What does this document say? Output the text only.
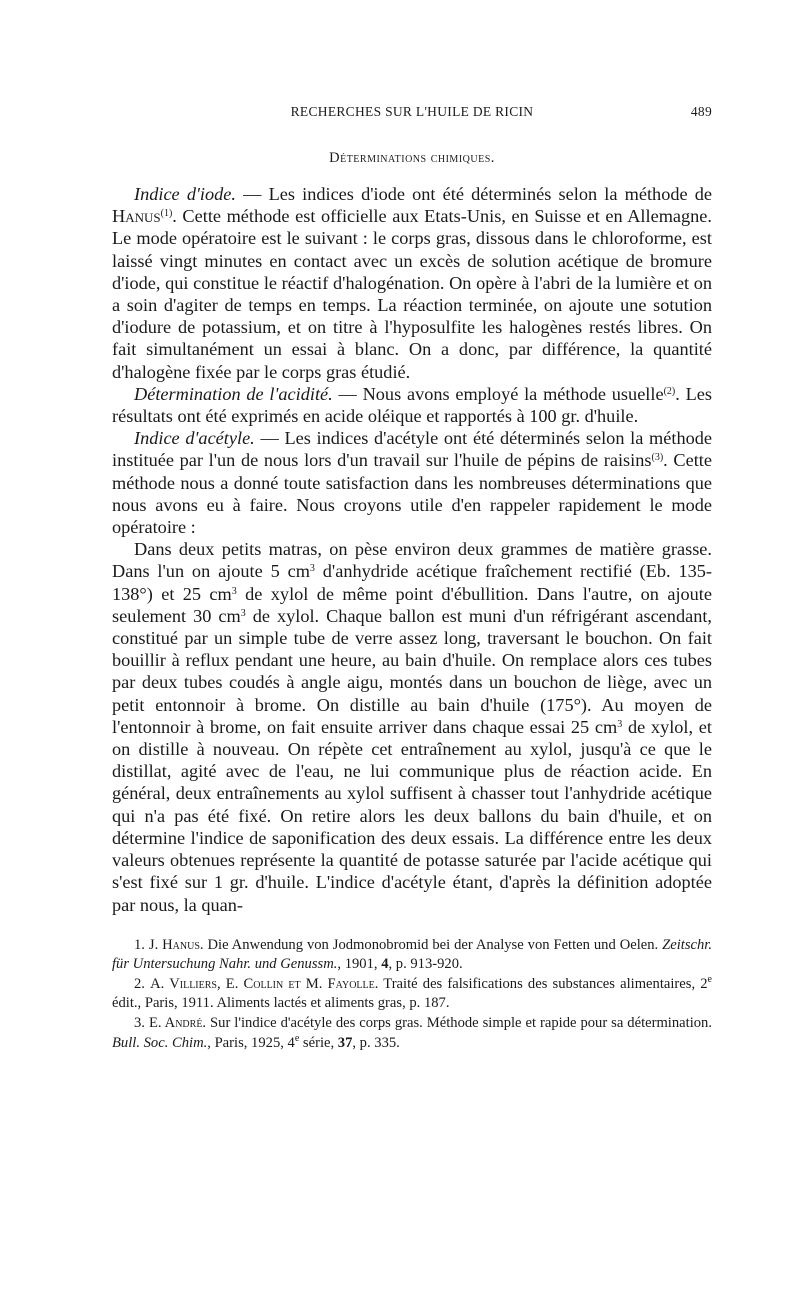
RECHERCHES SUR L'HUILE DE RICIN	489
Déterminations chimiques.

Indice d'iode. — Les indices d'iode ont été déterminés selon la méthode de Hanus$^{(1)}$. Cette méthode est officielle aux Etats-Unis, en Suisse et en Allemagne. Le mode opératoire est le suivant : le corps gras, dissous dans le chloroforme, est laissé vingt minutes en contact avec un excès de solution acétique de bromure d'iode, qui constitue le réactif d'halogénation. On opère à l'abri de la lumière et on a soin d'agiter de temps en temps. La réaction terminée, on ajoute une sotution d'iodure de potassium, et on titre à l'hyposulfite les halogènes restés libres. On fait simultanément un essai à blanc. On a donc, par différence, la quantité d'halogène fixée par le corps gras étudié.

Détermination de l'acidité. — Nous avons employé la méthode usuelle$^{(2)}$. Les résultats ont été exprimés en acide oléique et rapportés à 100 gr. d'huile.

Indice d'acétyle. — Les indices d'acétyle ont été déterminés selon la méthode instituée par l'un de nous lors d'un travail sur l'huile de pépins de raisins$^{(3)}$. Cette méthode nous a donné toute satisfaction dans les nombreuses déterminations que nous avons eu à faire. Nous croyons utile d'en rappeler rapidement le mode opératoire :

Dans deux petits matras, on pèse environ deux grammes de matière grasse. Dans l'un on ajoute 5 $cm^3$ d'anhydride acétique fraîchement rectifié (Eb. 135-138°) et 25 $cm^3$ de xylol de même point d'ébullition. Dans l'autre, on ajoute seulement 30 $cm^3$ de xylol. Chaque ballon est muni d'un réfrigérant ascendant, constitué par un simple tube de verre assez long, traversant le bouchon. On fait bouillir à reflux pendant une heure, au bain d'huile. On remplace alors ces tubes par deux tubes coudés à angle aigu, montés dans un bouchon de liège, avec un petit entonnoir à brome. On distille au bain d'huile (175°). Au moyen de l'entonnoir à brome, on fait ensuite arriver dans chaque essai 25 $cm^3$ de xylol, et on distille à nouveau. On répète cet entraînement au xylol, jusqu'à ce que le distillat, agité avec de l'eau, ne lui communique plus de réaction acide. En général, deux entraînements au xylol suffisent à chasser tout l'anhydride acétique qui n'a pas été fixé. On retire alors les deux ballons du bain d'huile, et on détermine l'indice de saponification des deux essais. La différence entre les deux valeurs obtenues représente la quantité de potasse saturée par l'acide acétique qui s'est fixé sur 1 gr. d'huile. L'indice d'acétyle étant, d'après la définition adoptée par nous, la quan-

1. J. Hanus. Die Anwendung von Jodmonobromid bei der Analyse von Fetten und Oelen. Zeitschr. für Untersuchung Nahr. und Genussm., 1901, 4, p. 913-920.

2. A. Villiers, E. Collin et M. Fayolle. Traité des falsifications des substances alimentaires, 2e édit., Paris, 1911. Aliments lactés et aliments gras, p. 187.

3. E. André. Sur l'indice d'acétyle des corps gras. Méthode simple et rapide pour sa détermination. Bull. Soc. Chim., Paris, 1925, 4e série, 37, p. 335.
